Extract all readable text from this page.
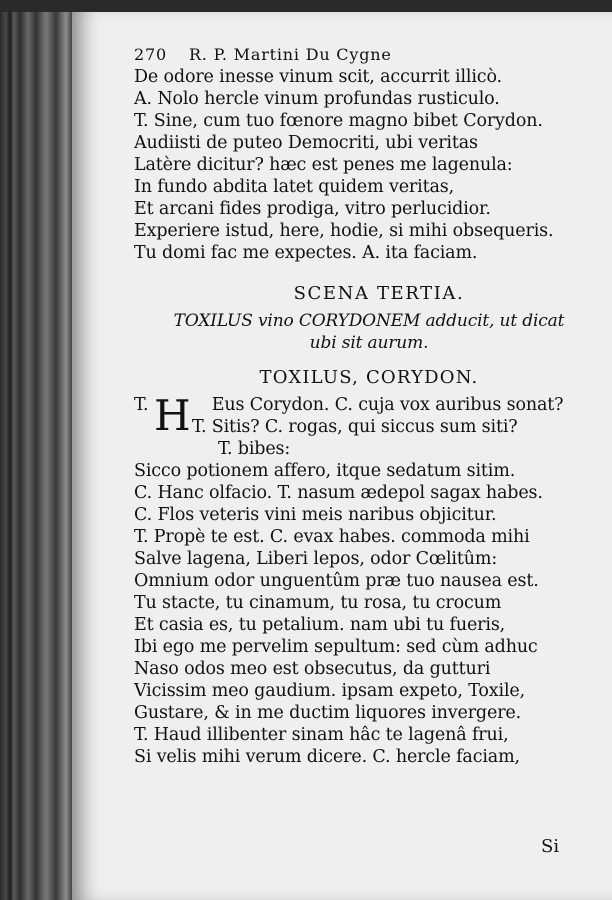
270 R. P. Martini Du Cygne
De odore inesse vinum scit, accurrit illicò.
A. Nolo hercle vinum profundas rusticulo.
T. Sine, cum tuo fœnore magno bibet Corydon.
Audiisti de puteo Democriti, ubi veritas
Latère dicitur? hæc est penes me lagenula:
In fundo abdita latet quidem veritas,
Et arcani fides prodiga, vitro perlucidior.
Experiere istud, here, hodie, si mihi obsequeris.
Tu domi fac me expectes. A. ita faciam.
SCENA TERTIA.
TOXILUS vino CORYDONEM adducit, ut dicat
ubi sit aurum.
TOXILUS, CORYDON.
T. H Eus Corydon. C. cuja vox auribus sonat?
T. Sitis? C. rogas, qui siccus sum siti?
T. bibes:
Sicco potionem affero, itque sedatum sitim.
C. Hanc olfacio. T. nasum ædepol sagax habes.
C. Flos veteris vini meis naribus objicitur.
T. Propè te est. C. evax habes. commoda mihi
Salve lagena, Liberi lepos, odor Cœlitûm:
Omnium odor unguentûm præ tuo nausea est.
Tu stacte, tu cinamum, tu rosa, tu crocum
Et casia es, tu petalium. nam ubi tu fueris,
Ibi ego me pervelim sepultum: sed cùm adhuc
Naso odos meo est obsecutus, da gutturi
Vicissim meo gaudium. ipsam expeto, Toxile,
Gustare, & in me ductim liquores invergere.
T. Haud illibenter sinam hâc te lagenâ frui,
Si velis mihi verum dicere. C. hercle faciam,
Si
